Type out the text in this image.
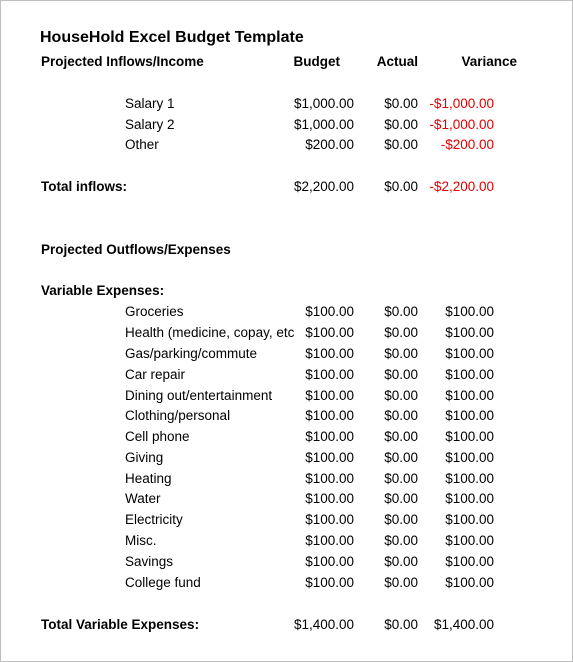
HouseHold Excel Budget Template
Projected Inflows/Income	Budget	Actual	Variance
Salary 1	$1,000.00 $0.00 -$1,000.00
Salary 2	$1,000.00 $0.00 -$1,000.00
Other	$200.00 $0.00 -$200.00
Total inflows:	$2,200.00 $0.00 -$2,200.00
Projected Outflows/Expenses
Variable Expenses:
Groceries	$100.00 $0.00 $100.00
Health (medicine, copay, etc $100.00 $0.00 $100.00
Gas/parking/commute	$100.00 $0.00 $100.00
Car repair	$100.00 $0.00 $100.00
Dining out/entertainment $100.00 $0.00 $100.00
Clothing/personal	$100.00 $0.00 $100.00
Cell phone	$100.00 $0.00 $100.00
Giving	$100.00 $0.00 $100.00
Heating	$100.00 $0.00 $100.00
Water	$100.00 $0.00 $100.00
Electricity	$100.00 $0.00 $100.00
Misc.	$100.00 $0.00 $100.00
Savings	$100.00 $0.00 $100.00
College fund	$100.00 $0.00 $100.00
Total Variable Expenses:	$1,400.00 $0.00 $1,400.00
